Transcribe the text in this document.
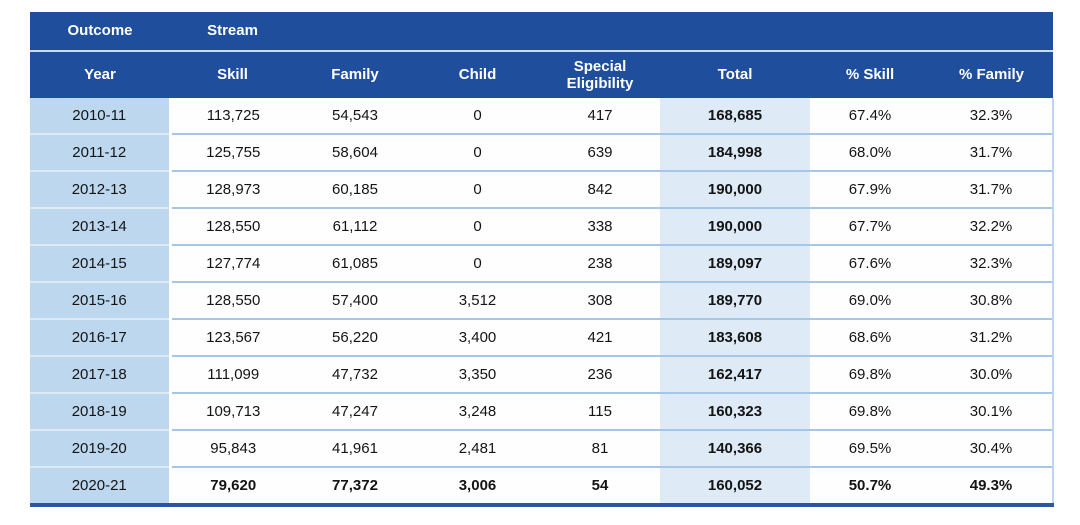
Outcome	Stream						
Year	Skill	Family	Child	Special Eligibility	Total	% Skill	% Family
2010-11	113,725	54,543	0	417	168,685	67.4%	32.3%
2011-12	125,755	58,604	0	639	184,998	68.0%	31.7%
2012-13	128,973	60,185	0	842	190,000	67.9%	31.7%
2013-14	128,550	61,112	0	338	190,000	67.7%	32.2%
2014-15	127,774	61,085	0	238	189,097	67.6%	32.3%
2015-16	128,550	57,400	3,512	308	189,770	69.0%	30.8%
2016-17	123,567	56,220	3,400	421	183,608	68.6%	31.2%
2017-18	111,099	47,732	3,350	236	162,417	69.8%	30.0%
2018-19	109,713	47,247	3,248	115	160,323	69.8%	30.1%
2019-20	95,843	41,961	2,481	81	140,366	69.5%	30.4%
2020-21	79,620	77,372	3,006	54	160,052	50.7%	49.3%
